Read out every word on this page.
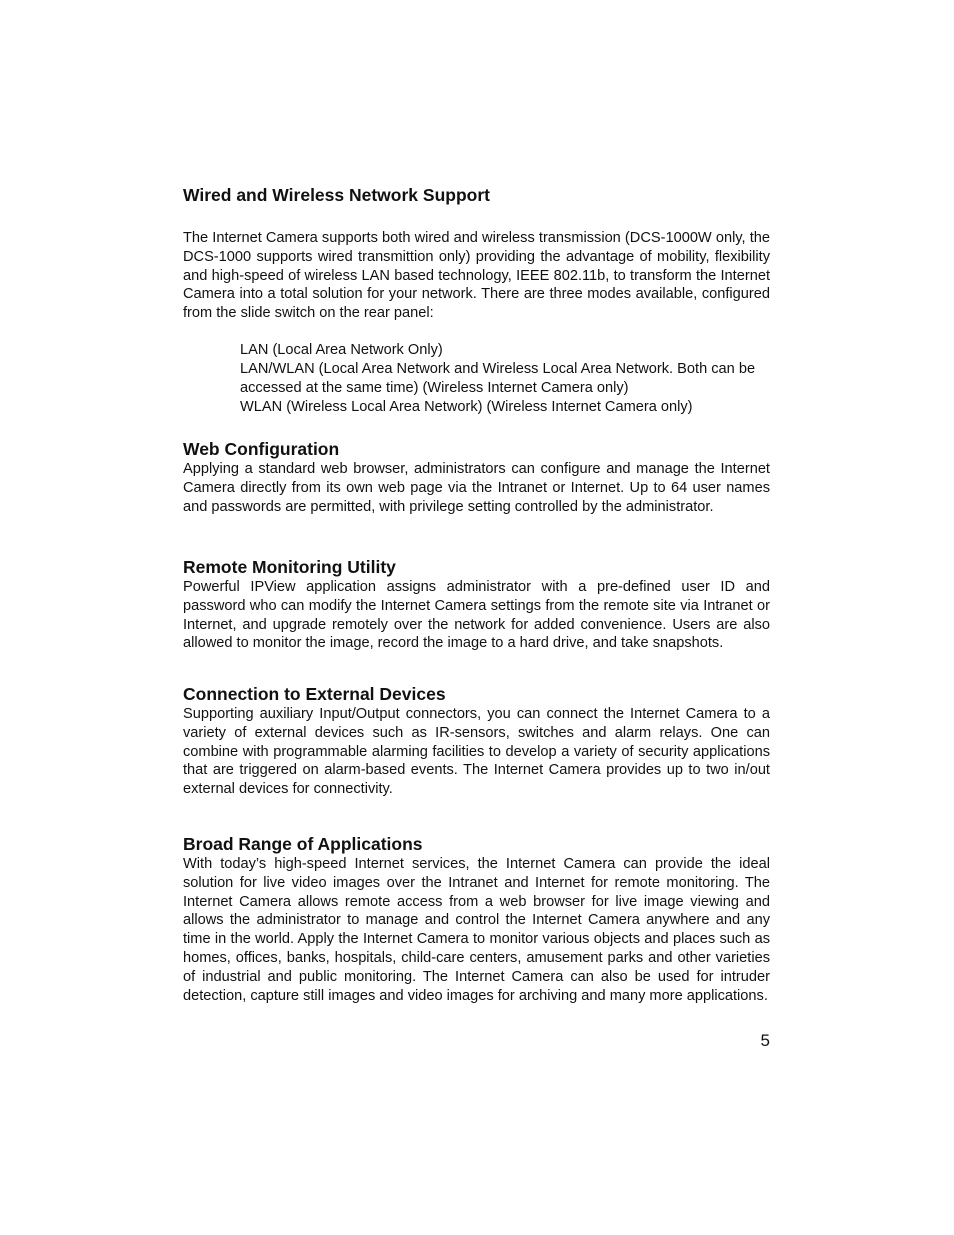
Wired and Wireless Network Support

The Internet Camera supports both wired and wireless transmission (DCS-1000W only, the DCS-1000 supports wired transmittion only) providing the advantage of mobility, flexibility and high-speed of wireless LAN based technology, IEEE 802.11b, to transform the Internet Camera into a total solution for your network. There are three modes available, configured from the slide switch on the rear panel:

LAN (Local Area Network Only)
LAN/WLAN (Local Area Network and Wireless Local Area Network. Both can be accessed at the same time) (Wireless Internet Camera only)
WLAN (Wireless Local Area Network) (Wireless Internet Camera only)
Web Configuration

Applying a standard web browser, administrators can configure and manage the Internet Camera directly from its own web page via the Intranet or Internet. Up to 64 user names and passwords are permitted, with privilege setting controlled by the administrator.

Remote Monitoring Utility

Powerful IPView application assigns administrator with a pre-defined user ID and password who can modify the Internet Camera settings from the remote site via Intranet or Internet, and upgrade remotely over the network for added convenience. Users are also allowed to monitor the image, record the image to a hard drive, and take snapshots.

Connection to External Devices

Supporting auxiliary Input/Output connectors, you can connect the Internet Camera to a variety of external devices such as IR-sensors, switches and alarm relays. One can combine with programmable alarming facilities to develop a variety of security applications that are triggered on alarm-based events. The Internet Camera provides up to two in/out external devices for connectivity.

Broad Range of Applications

With today’s high-speed Internet services, the Internet Camera can provide the ideal solution for live video images over the Intranet and Internet for remote monitoring. The Internet Camera allows remote access from a web browser for live image viewing and allows the administrator to manage and control the Internet Camera anywhere and any time in the world. Apply the Internet Camera to monitor various objects and places such as homes, offices, banks, hospitals, child-care centers, amusement parks and other varieties of industrial and public monitoring. The Internet Camera can also be used for intruder detection, capture still images and video images for archiving and many more applications.

5
